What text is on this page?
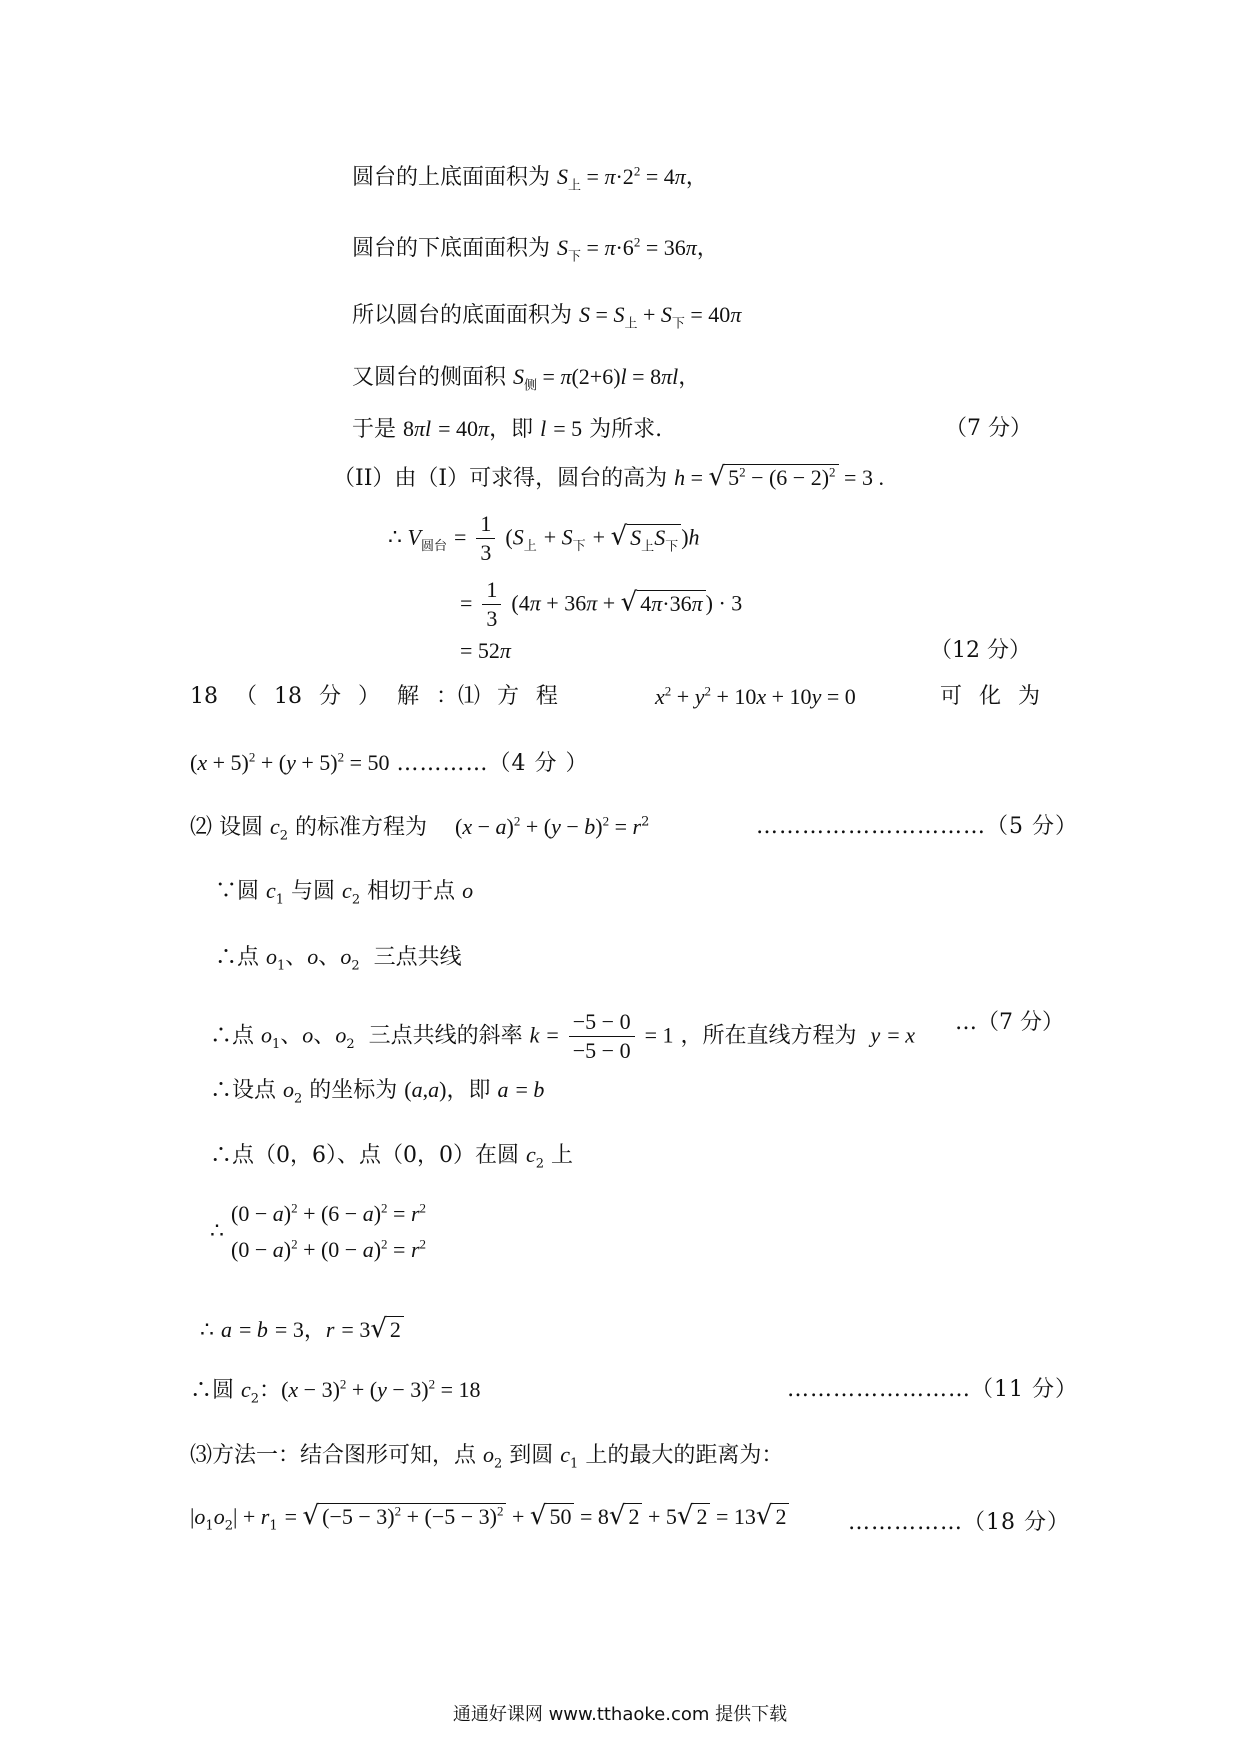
圆台的上底面面积为 $S_上 = \pi\cdot 2^2 = 4\pi$，
圆台的下底面面积为 $S_下 = \pi\cdot 6^2 = 36\pi$，
所以圆台的底面面积为 $S = S_上 + S_下 = 40\pi$
又圆台的侧面积 $S_侧 = \pi(2+6)l = 8\pi l$，
于是 8πl = 40π，即 l = 5 为所求.	（7 分）
（II）由（I）可求得，圆台的高为 h = √ $5^2 - (6 - 2)^2 = 3$ .
∴ $V_{圆台} = \frac{1}{3} (S_上 + S_下$ + √ $S_上S_下$ )h
= $\frac{1}{3} (4\pi + 36\pi$ + √ 4π·36π ) · 3
= 52π	（12 分）
18 （ 18 分 ） 解 ：⑴ 方 程	$x^2 + y^2 + 10x + 10y = 0$	可 化 为
$(x + 5)^2 + (y + 5)^2 = 50$ …………（4 分 ）
⑵ 设圆 $c_2$ 的标准方程为    $(x - a)^2 + (y - b)^2 = r^2$	…………………………（5 分）
∵圆 $c_1$ 与圆 $c_2$ 相切于点 o
∴点 $o_1$、o、$o_2$  三点共线
∴点 $o_1$、o、$o_2$  三点共线的斜率 $k = \frac{-5 - 0}{-5 - 0} = 1$ ，所在直线方程为  y = x …（7 分）
∴设点 $o_2$ 的坐标为 (a,a)，即 a = b
∴点（0，6）、点（0，0）在圆 $c_2$ 上
∴
$(0 - a)^2 + (6 - a)^2 = r^2$
$(0 - a)^2 + (0 - a)^2 = r^2$
∴ a = b = 3，r = 3√ 2
∴圆 $c_2$：$(x - 3)^2 + (y - 3)^2 = 18$	……………………（11 分）
⑶方法一：结合图形可知，点 $o_2$ 到圆 $c_1$ 上的最大的距离为：
$|o_1o_2| + r_1$ = √ $(-5 - 3)^2 + (-5 - 3)^2$ + √ 50 = 8√ 2 + 5√ 2 = 13√ 2	……………（18 分）
通通好课网 www.tthaoke.com 提供下载
